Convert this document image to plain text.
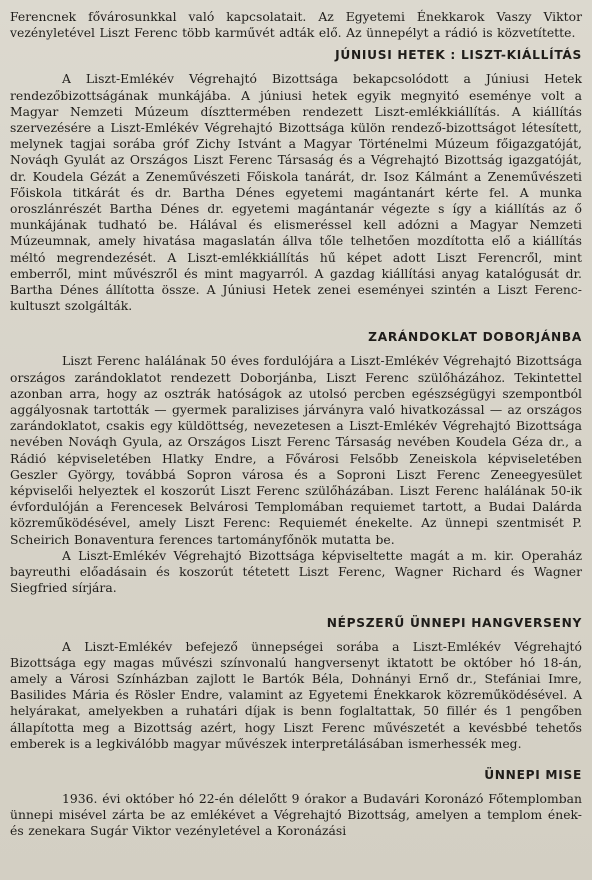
Ferencnek fővárosunkkal való kapcsolatait. Az Egyetemi Énekkarok Vaszy Viktor vezényletével Liszt Ferenc több karművét adták elő. Az ünnepélyt a rádió is közvetítette.

JÚNIUSI HETEK : LISZT-KIÁLLÍTÁS

A Liszt-Emlékév Végrehajtó Bizottsága bekapcsolódott a Júniusi Hetek rendezőbizottságának munkájába. A júniusi hetek egyik megnyitó eseménye volt a Magyar Nemzeti Múzeum díszttermében rendezett Liszt-emlékkiállítás. A kiállítás szervezésére a Liszt-Emlékév Végrehajtó Bizottsága külön rendező-bizottságot létesített, melynek tagjai sorába gróf Zichy Istvánt a Magyar Történelmi Múzeum főigazgatóját, Nováqh Gyulát az Országos Liszt Ferenc Társaság és a Végrehajtó Bizottság igazgatóját, dr. Koudela Gézát a Zeneművészeti Főiskola tanárát, dr. Isoz Kálmánt a Zeneművészeti Főiskola titkárát és dr. Bartha Dénes egyetemi magántanárt kérte fel. A munka oroszlánrészét Bartha Dénes dr. egyetemi magántanár végezte s így a kiállítás az ő munkájának tudható be. Hálával és elismeréssel kell adózni a Magyar Nemzeti Múzeumnak, amely hivatása magaslatán állva tőle telhetően mozdította elő a kiállítás méltó megrendezését. A Liszt-emlékkiállítás hű képet adott Liszt Ferencről, mint emberről, mint művészről és mint magyarról. A gazdag kiállítási anyag katalógusát dr. Bartha Dénes állította össze. A Júniusi Hetek zenei eseményei szintén a Liszt Ferenc-kultuszt szolgálták.

ZARÁNDOKLAT DOBORJÁNBA

Liszt Ferenc halálának 50 éves fordulójára a Liszt-Emlékév Végrehajtó Bizottsága országos zarándoklatot rendezett Doborjánba, Liszt Ferenc szülőházához. Tekintettel azonban arra, hogy az osztrák hatóságok az utolsó percben egészségügyi szempontból aggályosnak tartották — gyermek paralizises járványra való hivatkozással — az országos zarándoklatot, csakis egy küldöttség, nevezetesen a Liszt-Emlékév Végrehajtó Bizottsága nevében Nováqh Gyula, az Országos Liszt Ferenc Társaság nevében Koudela Géza dr., a Rádió képviseletében Hlatky Endre, a Fővárosi Felsőbb Zeneiskola képviseletében Geszler György, továbbá Sopron városa és a Soproni Liszt Ferenc Zeneegyesület képviselői helyeztek el koszorút Liszt Ferenc szülőházában. Liszt Ferenc halálának 50-ik évfordulóján a Ferencesek Belvárosi Templomában requiemet tartott, a Budai Dalárda közreműködésével, amely Liszt Ferenc: Requiemét énekelte. Az ünnepi szentmisét P. Scheirich Bonaventura ferences tartományfőnök mutatta be.

A Liszt-Emlékév Végrehajtó Bizottsága képviseltette magát a m. kir. Operaház bayreuthi előadásain és koszorút tétetett Liszt Ferenc, Wagner Richard és Wagner Siegfried sírjára.

NÉPSZERŰ ÜNNEPI HANGVERSENY

A Liszt-Emlékév befejező ünnepségei sorába a Liszt-Emlékév Végrehajtó Bizottsága egy magas művészi színvonalú hangversenyt iktatott be október hó 18-án, amely a Városi Színházban zajlott le Bartók Béla, Dohnányi Ernő dr., Stefániai Imre, Basilides Mária és Rösler Endre, valamint az Egyetemi Énekkarok közreműködésével. A helyárakat, amelyekben a ruhatári díjak is benn foglaltattak, 50 fillér és 1 pengőben állapította meg a Bizottság azért, hogy Liszt Ferenc művészetét a kevésbbé tehetős emberek is a legkiválóbb magyar művészek interpretálásában ismerhessék meg.

ÜNNEPI MISE

1936. évi október hó 22-én délelőtt 9 órakor a Budavári Koronázó Főtemplomban ünnepi misével zárta be az emlékévet a Végrehajtó Bizottság, amelyen a templom ének- és zenekara Sugár Viktor vezényletével a Koronázási
